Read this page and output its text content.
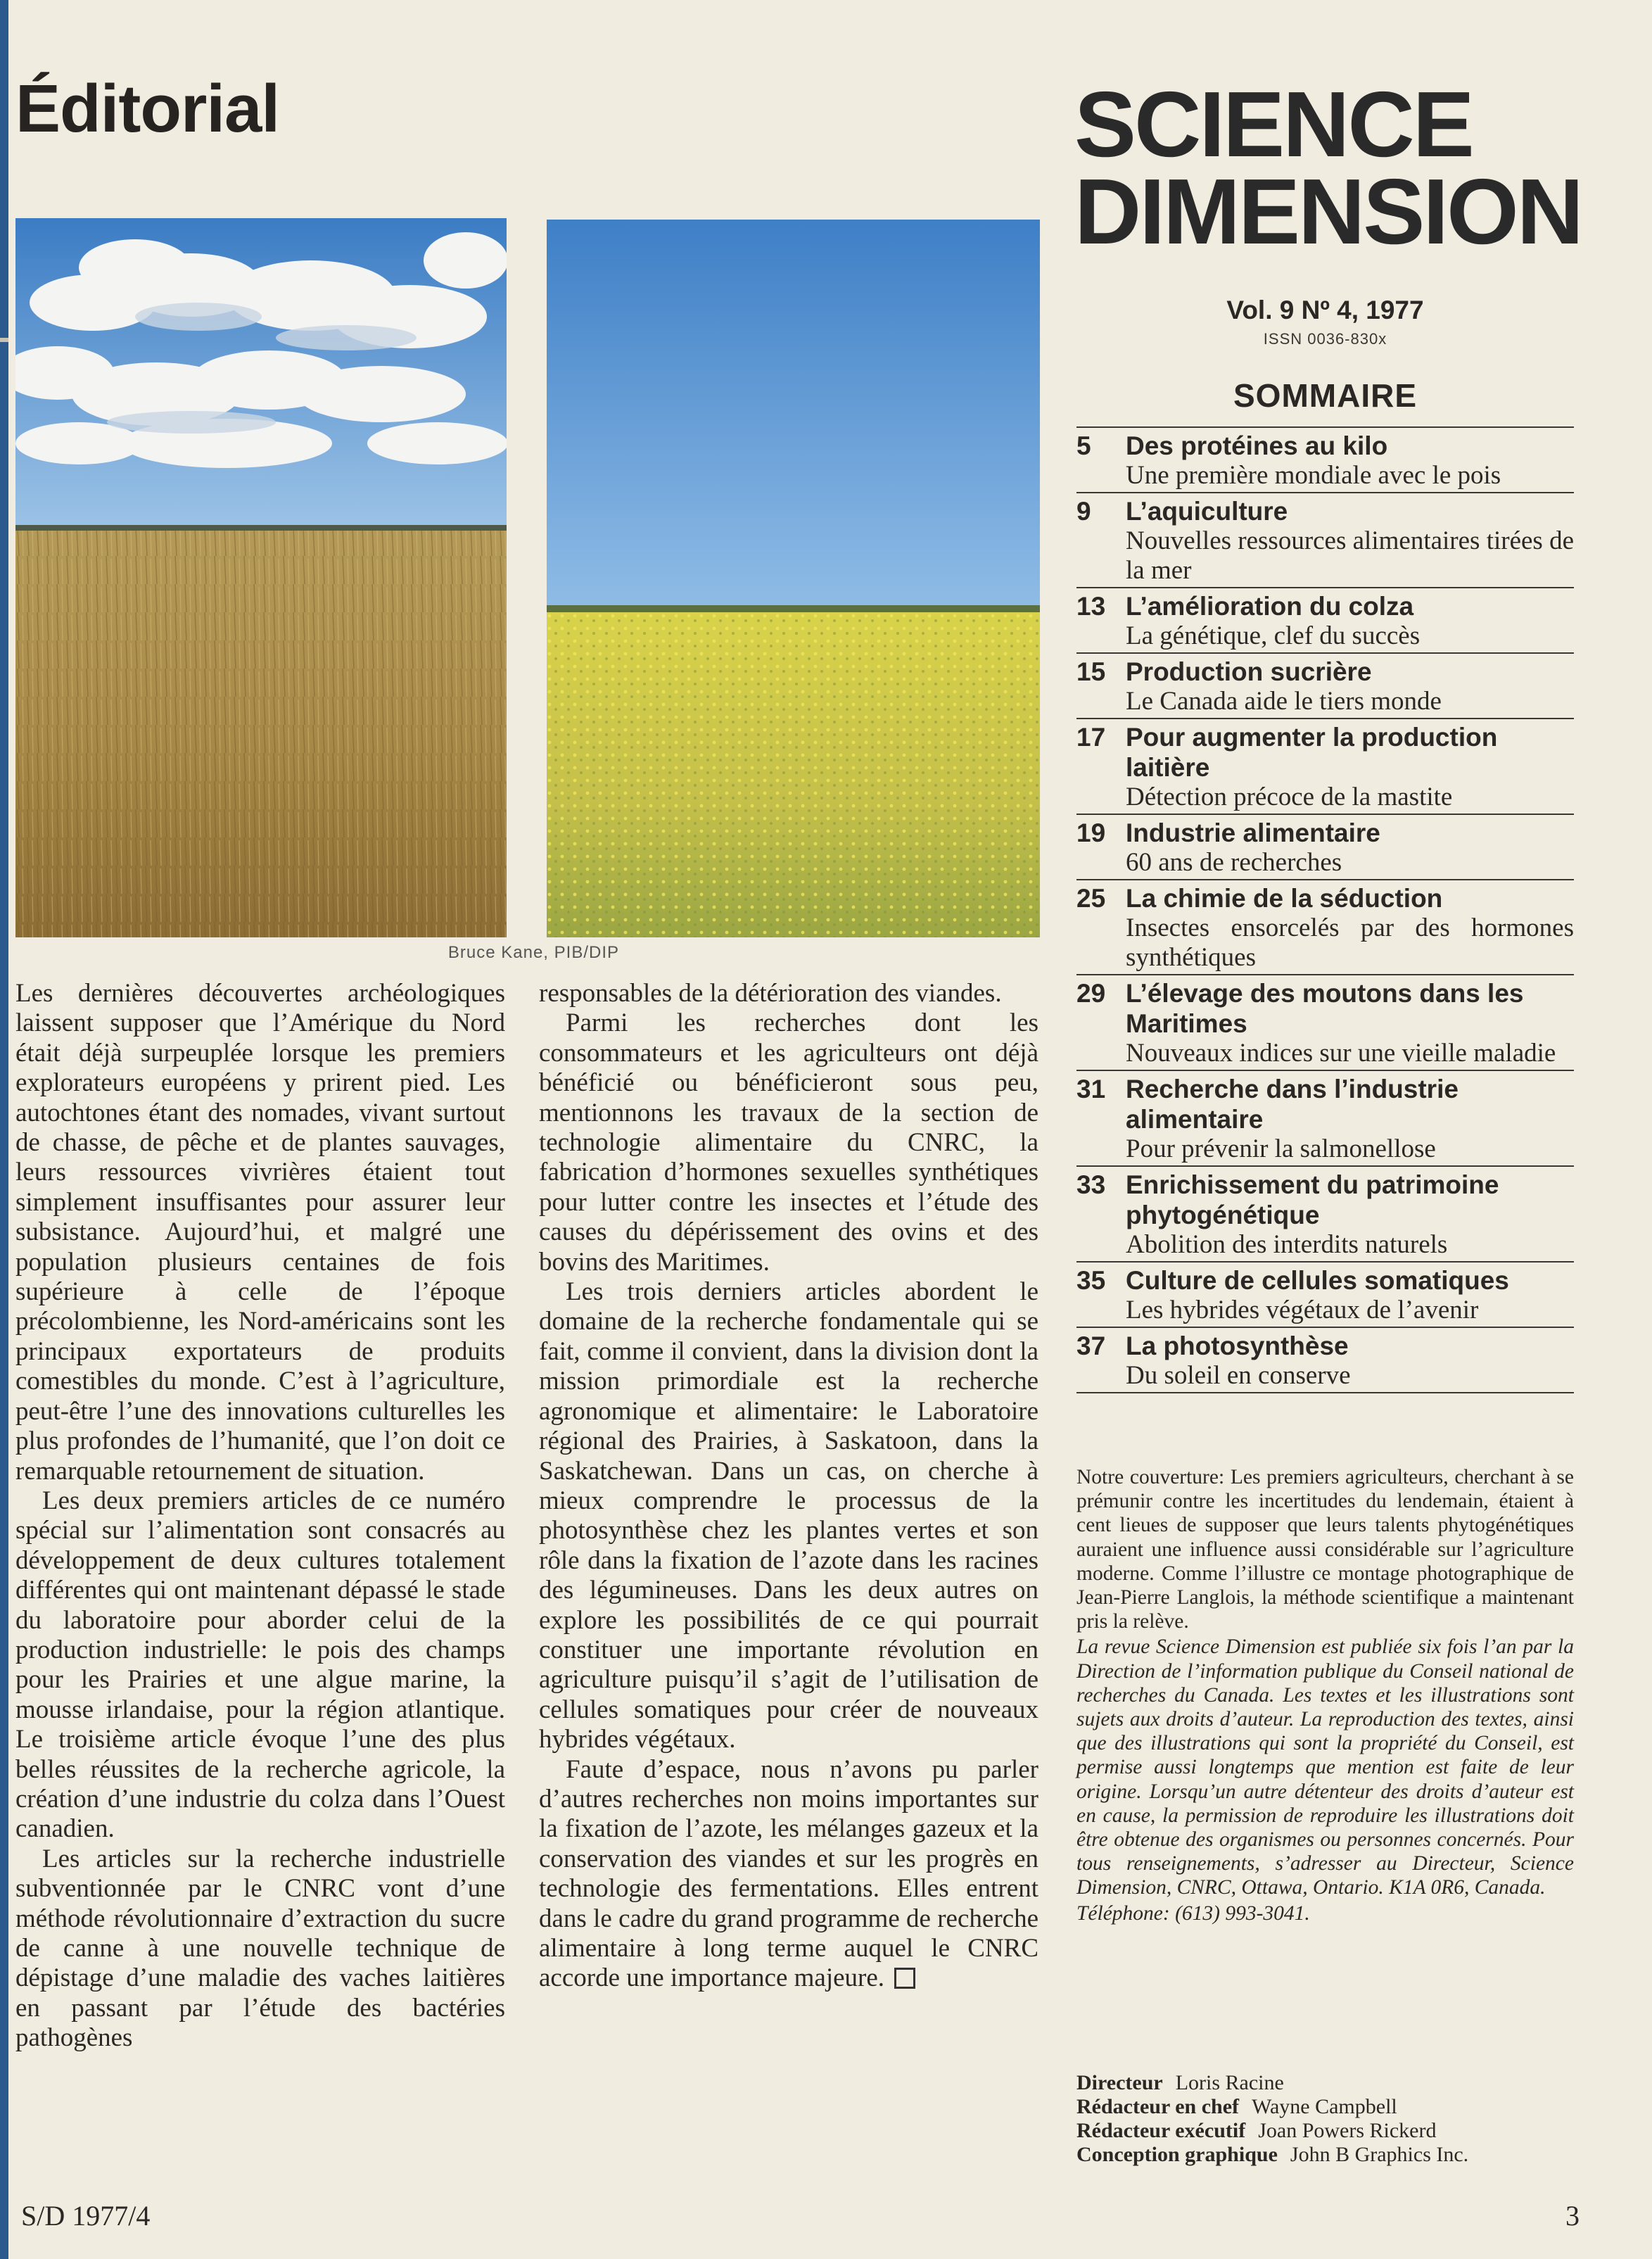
Éditorial	SCIENCE
DIMENSION
Bruce Kane, PIB/DIP

Les dernières découvertes archéologiques laissent supposer que l’Amérique du Nord était déjà surpeuplée lorsque les premiers explorateurs européens y prirent pied. Les autochtones étant des nomades, vivant surtout de chasse, de pêche et de plantes sauvages, leurs ressources vivrières étaient tout simplement insuffisantes pour assurer leur subsistance. Aujourd’hui, et malgré une population plusieurs centaines de fois supérieure à celle de l’époque précolombienne, les Nord-américains sont les principaux exportateurs de produits comestibles du monde. C’est à l’agriculture, peut-être l’une des innovations culturelles les plus profondes de l’humanité, que l’on doit ce remarquable retournement de situation.

Les deux premiers articles de ce numéro spécial sur l’alimentation sont consacrés au développement de deux cultures totalement différentes qui ont maintenant dépassé le stade du laboratoire pour aborder celui de la production industrielle: le pois des champs pour les Prairies et une algue marine, la mousse irlandaise, pour la région atlantique. Le troisième article évoque l’une des plus belles réussites de la recherche agricole, la création d’une industrie du colza dans l’Ouest canadien.

Les articles sur la recherche industrielle subventionnée par le CNRC vont d’une méthode révolutionnaire d’extraction du sucre de canne à une nouvelle technique de dépistage d’une maladie des vaches laitières en passant par l’étude des bactéries pathogènes

responsables de la détérioration des viandes.

Parmi les recherches dont les consommateurs et les agriculteurs ont déjà bénéficié ou bénéficieront sous peu, mentionnons les travaux de la section de technologie alimentaire du CNRC, la fabrication d’hormones sexuelles synthétiques pour lutter contre les insectes et l’étude des causes du dépérissement des ovins et des bovins des Maritimes.

Les trois derniers articles abordent le domaine de la recherche fondamentale qui se fait, comme il convient, dans la division dont la mission primordiale est la recherche agronomique et alimentaire: le Laboratoire régional des Prairies, à Saskatoon, dans la Saskatchewan. Dans un cas, on cherche à mieux comprendre le processus de la photosynthèse chez les plantes vertes et son rôle dans la fixation de l’azote dans les racines des légumineuses. Dans les deux autres on explore les possibilités de ce qui pourrait constituer une importante révolution en agriculture puisqu’il s’agit de l’utilisation de cellules somatiques pour créer de nouveaux hybrides végétaux.

Faute d’espace, nous n’avons pu parler d’autres recherches non moins importantes sur la fixation de l’azote, les mélanges gazeux et la conservation des viandes et sur les progrès en technologie des fermentations. Elles entrent dans le cadre du grand programme de recherche alimentaire à long terme auquel le CNRC accorde une importance majeure.

Vol. 9 Nº 4, 1977
ISSN 0036-830x
SOMMAIRE
5	Des protéines au kilo
Une première mondiale avec le pois
9	L’aquiculture
Nouvelles ressources alimentaires tirées de la mer
13 L’amélioration du colza
La génétique, clef du succès
15 Production sucrière
Le Canada aide le tiers monde
17 Pour augmenter la production laitière
Détection précoce de la mastite
19 Industrie alimentaire
60 ans de recherches
25 La chimie de la séduction
Insectes ensorcelés par des hormones synthétiques
29 L’élevage des moutons dans les Maritimes
Nouveaux indices sur une vieille maladie
31 Recherche dans l’industrie alimentaire
Pour prévenir la salmonellose
33 Enrichissement du patrimoine phytogénétique
Abolition des interdits naturels
35 Culture de cellules somatiques
Les hybrides végétaux de l’avenir
37 La photosynthèse
Du soleil en conserve

Notre couverture: Les premiers agriculteurs, cherchant à se prémunir contre les incertitudes du lendemain, étaient à cent lieues de supposer que leurs talents phytogénétiques auraient une influence aussi considérable sur l’agriculture moderne. Comme l’illustre ce montage photographique de Jean-Pierre Langlois, la méthode scientifique a maintenant pris la relève.

La revue Science Dimension est publiée six fois l’an par la Direction de l’information publique du Conseil national de recherches du Canada. Les textes et les illustrations sont sujets aux droits d’auteur. La reproduction des textes, ainsi que des illustrations qui sont la propriété du Conseil, est permise aussi longtemps que mention est faite de leur origine. Lorsqu’un autre détenteur des droits d’auteur est en cause, la permission de reproduire les illustrations doit être obtenue des organismes ou personnes concernés. Pour tous renseignements, s’adresser au Directeur, Science Dimension, CNRC, Ottawa, Ontario. K1A 0R6, Canada.

Téléphone: (613) 993-3041.

Directeur Loris Racine
Rédacteur en chef Wayne Campbell
Rédacteur exécutif Joan Powers Rickerd
Conception graphique John B Graphics Inc.
S/D 1977/4	3
